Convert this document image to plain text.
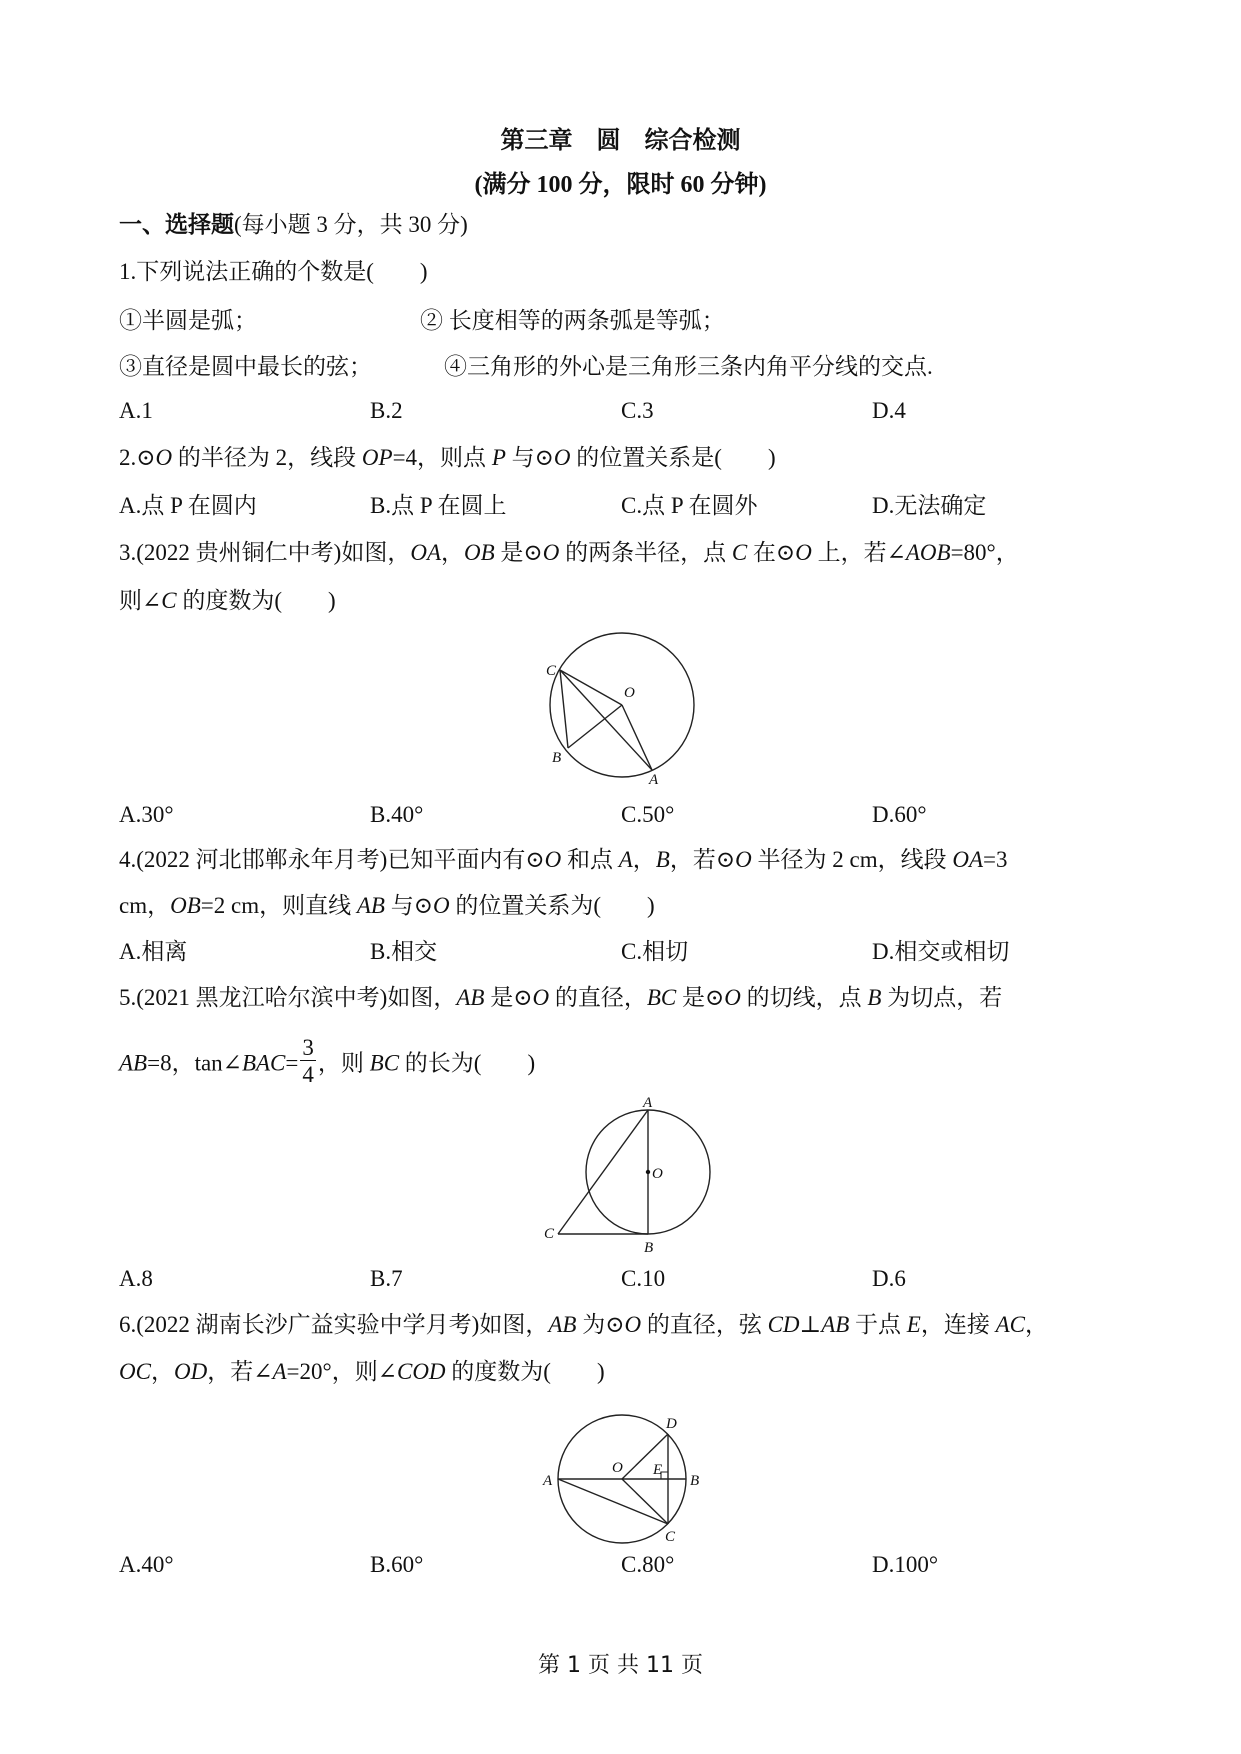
第三章　圆　综合检测
(满分 100 分，限时 60 分钟)
一、选择题(每小题 3 分，共 30 分)
1.下列说法正确的个数是(　　)
①半圆是弧；	② 长度相等的两条弧是等弧；
③直径是圆中最长的弦；	④三角形的外心是三角形三条内角平分线的交点.
A.1	B.2	C.3	D.4
2.⊙O 的半径为 2，线段 OP=4，则点 P 与⊙O 的位置关系是(　　)
A.点 P 在圆内	B.点 P 在圆上	C.点 P 在圆外	D.无法确定
3.(2022 贵州铜仁中考)如图，OA，OB 是⊙O 的两条半径，点 C 在⊙O 上，若∠AOB=80°，
则∠C 的度数为(　　)
C
O
B
A
A.30°	B.40°	C.50°	D.60°
4.(2022 河北邯郸永年月考)已知平面内有⊙O 和点 A，B，若⊙O 半径为 2 cm，线段 OA=3
cm，OB=2 cm，则直线 AB 与⊙O 的位置关系为(　　)
A.相离	B.相交	C.相切	D.相交或相切
5.(2021 黑龙江哈尔滨中考)如图，AB 是⊙O 的直径，BC 是⊙O 的切线，点 B 为切点，若
AB=8，tan∠BAC= $\frac{3}{4}$ ，则 BC 的长为(　　)
A
O
C
B
A.8	B.7	C.10	D.6
6.(2022 湖南长沙广益实验中学月考)如图，AB 为⊙O 的直径，弦 CD⊥AB 于点 E，连接 AC，
OC，OD，若∠A=20°，则∠COD 的度数为(　　)
D
A
O E
B
C
A.40°	B.60°	C.80°	D.100°
第 1 页 共 11 页
